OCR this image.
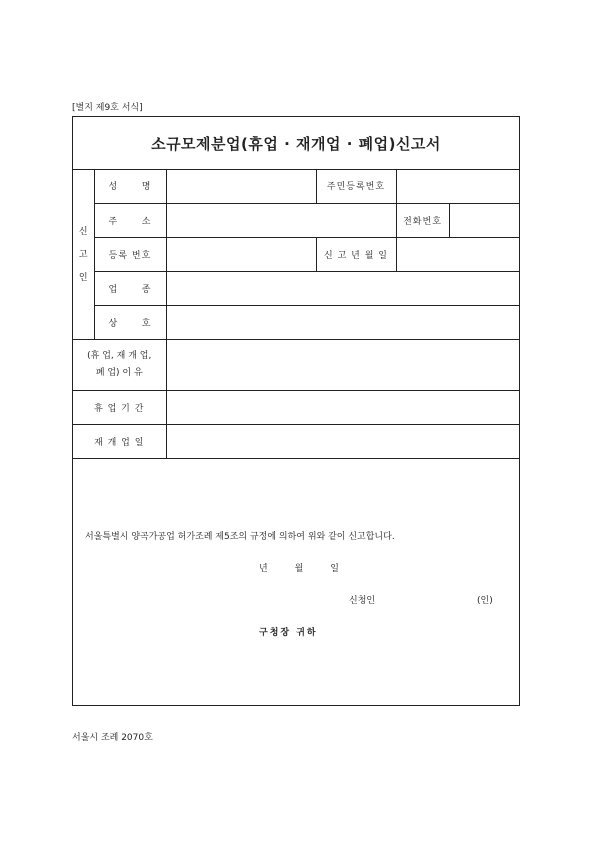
[별지 제9호 서식]
소규모제분업(휴업 · 재개업 · 폐업)신고서
신
고
인	성 명		주민등록번호		

	주 소			전화번호	
	등록 번호		신 고 년 월 일		

	업 종				

	상 호				

(휴 업, 재 개 업,
폐 업) 이 유					

휴 업 기 간					
재 개 업 일					
서울특별시 양곡가공업 허가조례 제5조의 규정에 의하여 위와 같이 신고합니다.
년	월	일
신청인	(인)
구청장 귀하
서울시 조례 2070호
